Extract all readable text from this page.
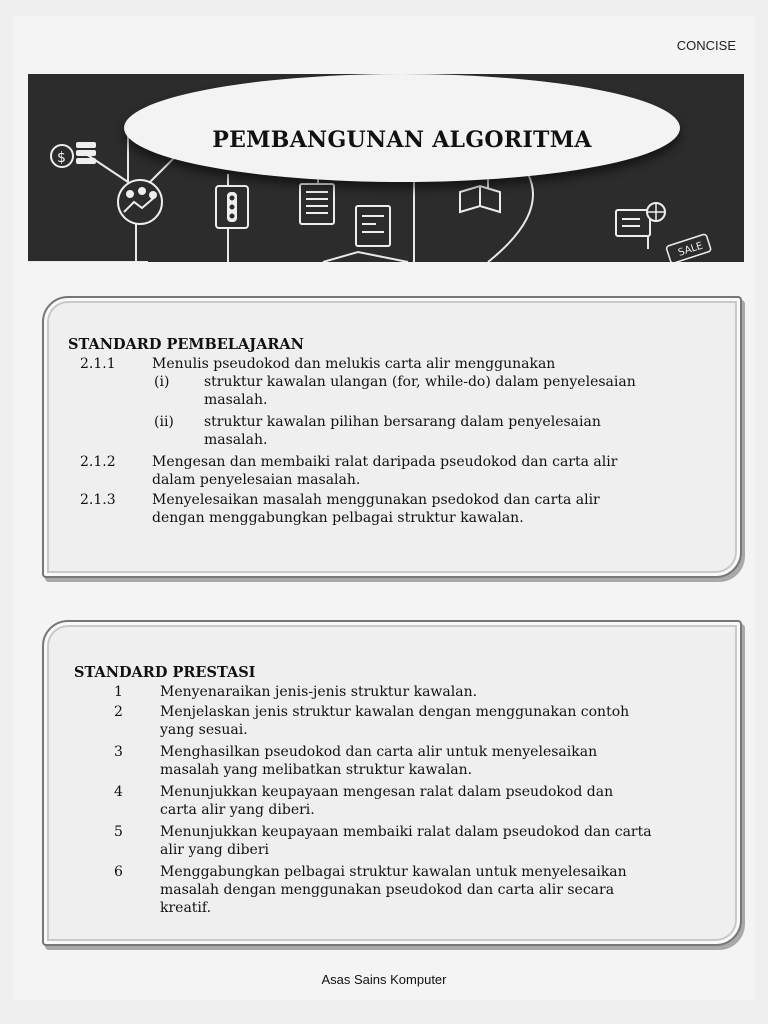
CONCISE
$
SALE
PEMBANGUNAN ALGORITMA
STANDARD PEMBELAJARAN
2.1.1	Menulis pseudokod dan melukis carta alir menggunakan
(i) struktur kawalan ulangan (for, while-do) dalam penyelesaian
masalah.
(ii) struktur kawalan pilihan bersarang dalam penyelesaian
masalah.
2.1.2	Mengesan dan membaiki ralat daripada pseudokod dan carta alir
dalam penyelesaian masalah.
2.1.3	Menyelesaikan masalah menggunakan psedokod dan carta alir
dengan menggabungkan pelbagai struktur kawalan.
STANDARD PRESTASI
1	Menyenaraikan jenis-jenis struktur kawalan.
2	Menjelaskan jenis struktur kawalan dengan menggunakan contoh
yang sesuai.
3	Menghasilkan pseudokod dan carta alir untuk menyelesaikan
masalah yang melibatkan struktur kawalan.
4	Menunjukkan keupayaan mengesan ralat dalam pseudokod dan
carta alir yang diberi.
5	Menunjukkan keupayaan membaiki ralat dalam pseudokod dan carta
alir yang diberi
6	Menggabungkan pelbagai struktur kawalan untuk menyelesaikan
masalah dengan menggunakan pseudokod dan carta alir secara
kreatif.
Asas Sains Komputer
